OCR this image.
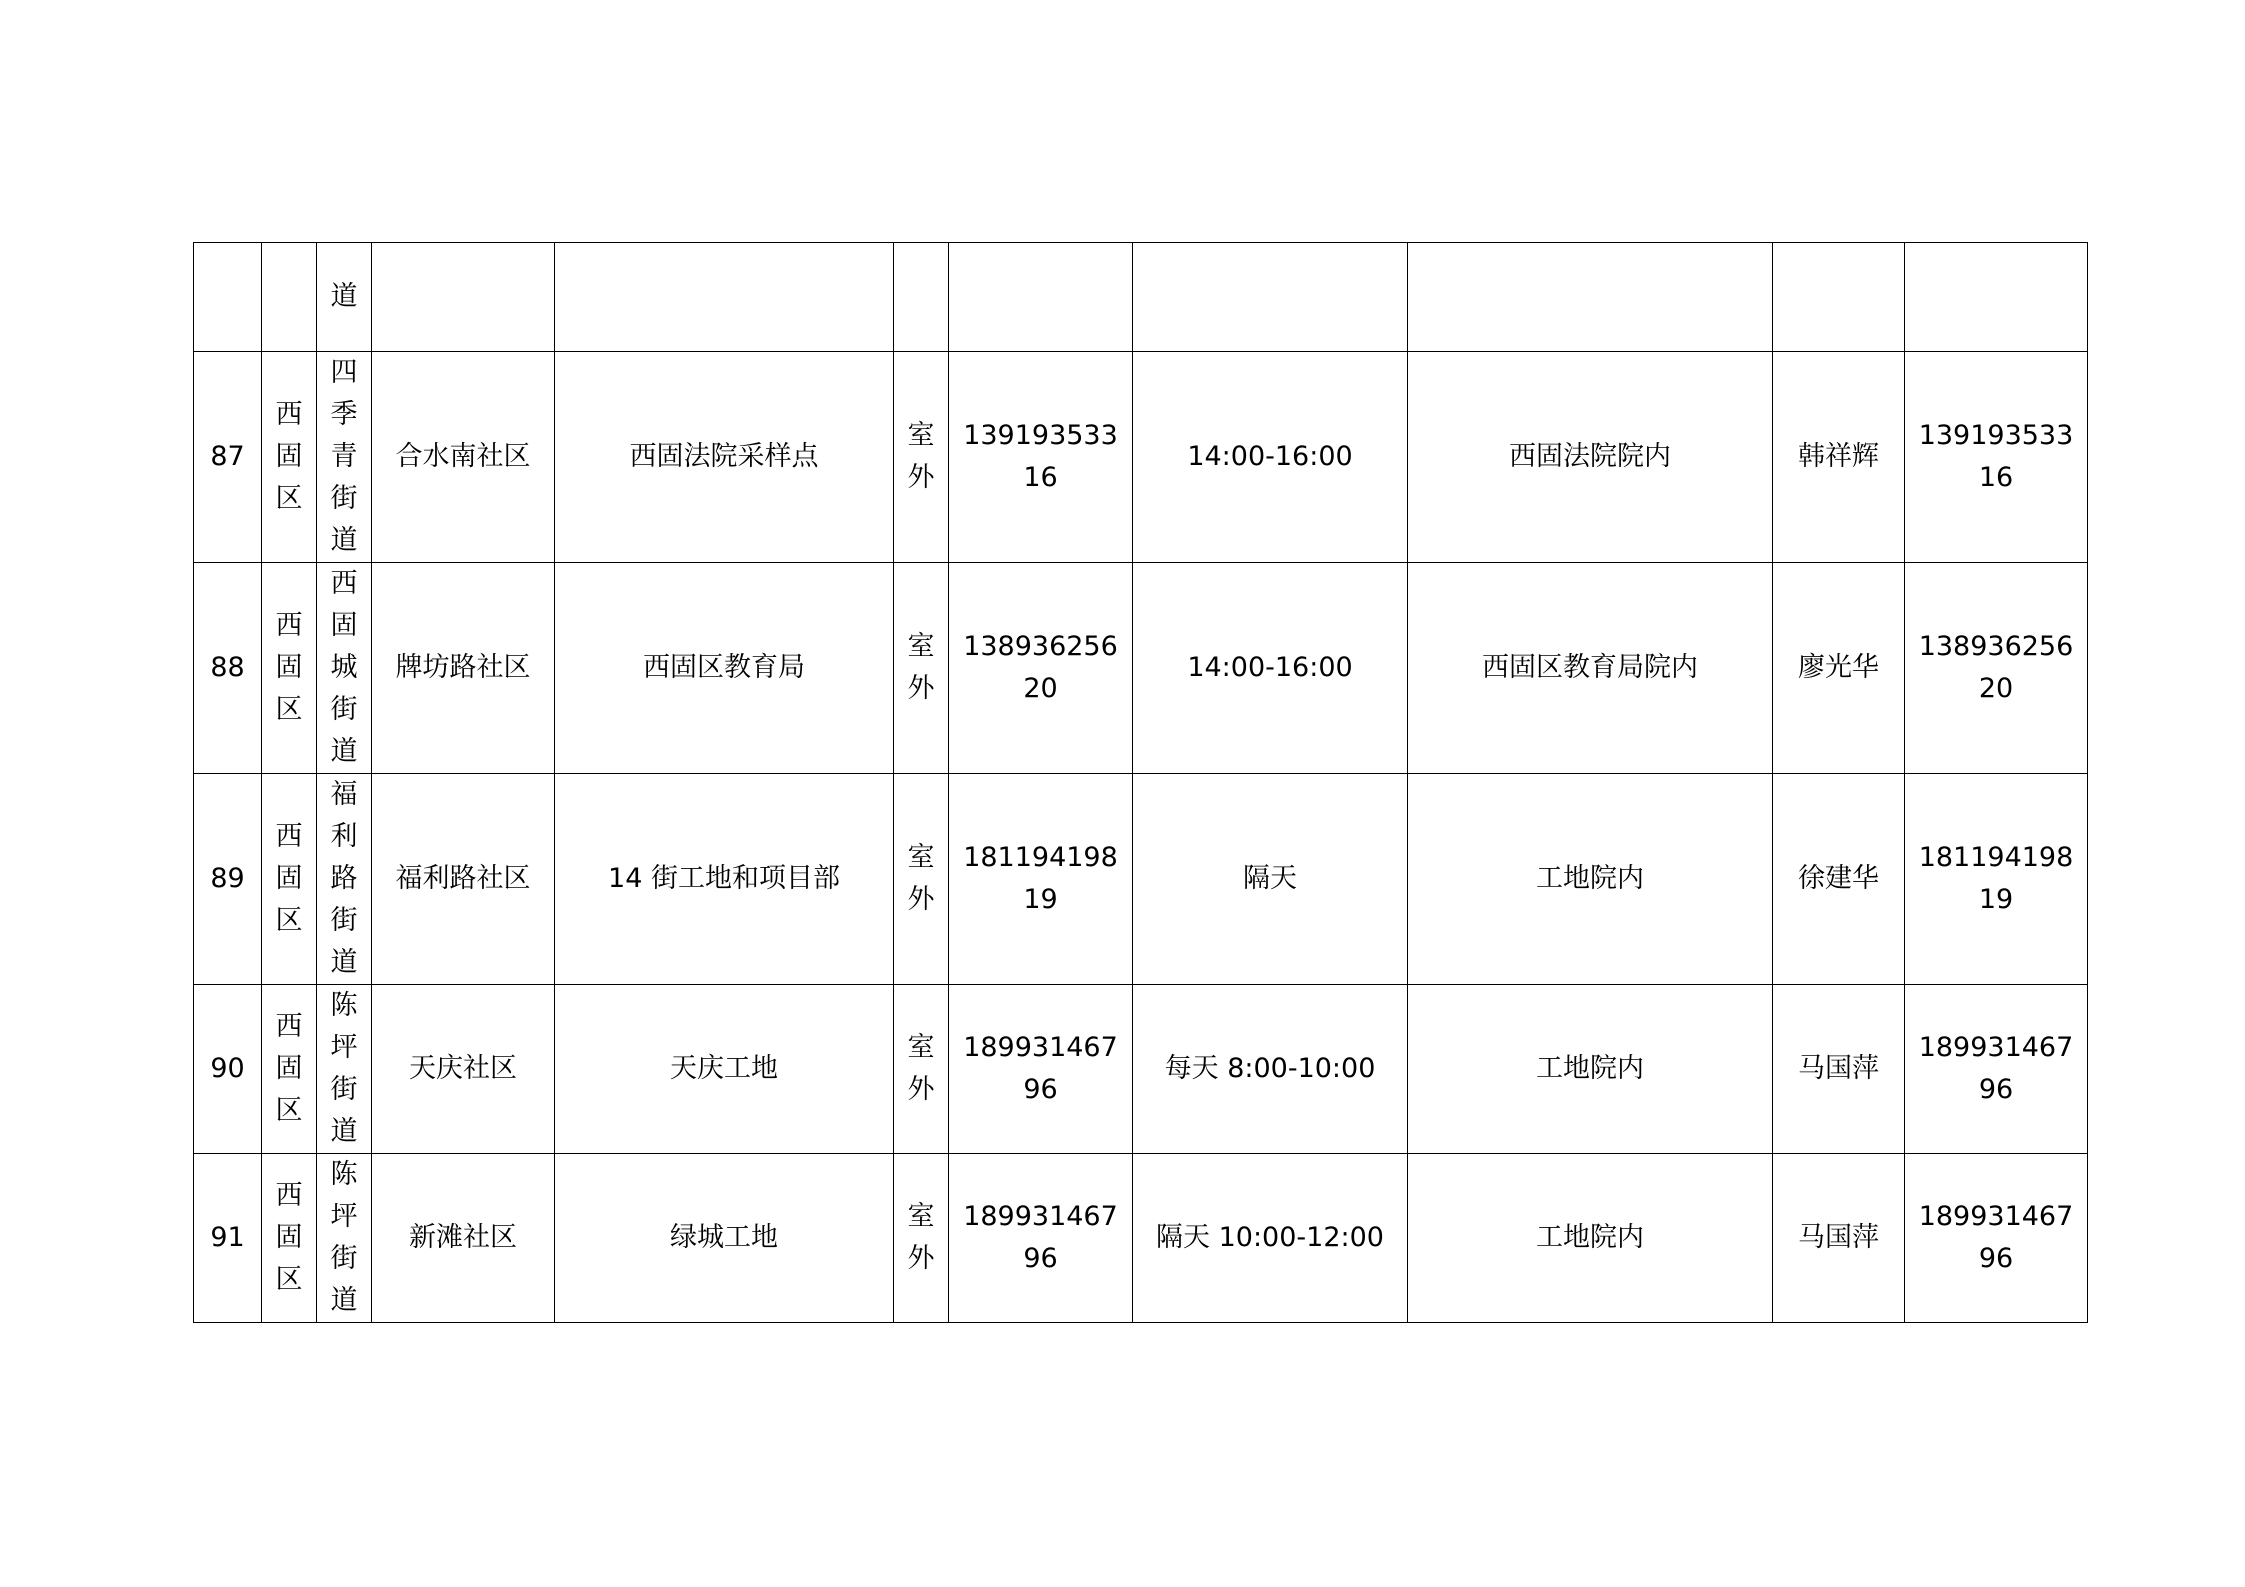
		道								

87	西固区	四季青街道	合水南社区	西固法院采样点	室外	13919353316	14:00-16:00	西固法院院内	韩祥辉	13919353316

88	西固区	西固城街道	牌坊路社区	西固区教育局	室外	13893625620	14:00-16:00	西固区教育局院内	廖光华	13893625620

89	西固区	福利路街道	福利路社区	14 街工地和项目部	室外	18119419819	隔天	工地院内	徐建华	18119419819

90	西固区	陈坪街道	天庆社区	天庆工地	室外	18993146796	每天 8:00-10:00	工地院内	马国萍	18993146796

91	西固区	陈坪街道	新滩社区	绿城工地	室外	18993146796	隔天 10:00-12:00	工地院内	马国萍	18993146796
